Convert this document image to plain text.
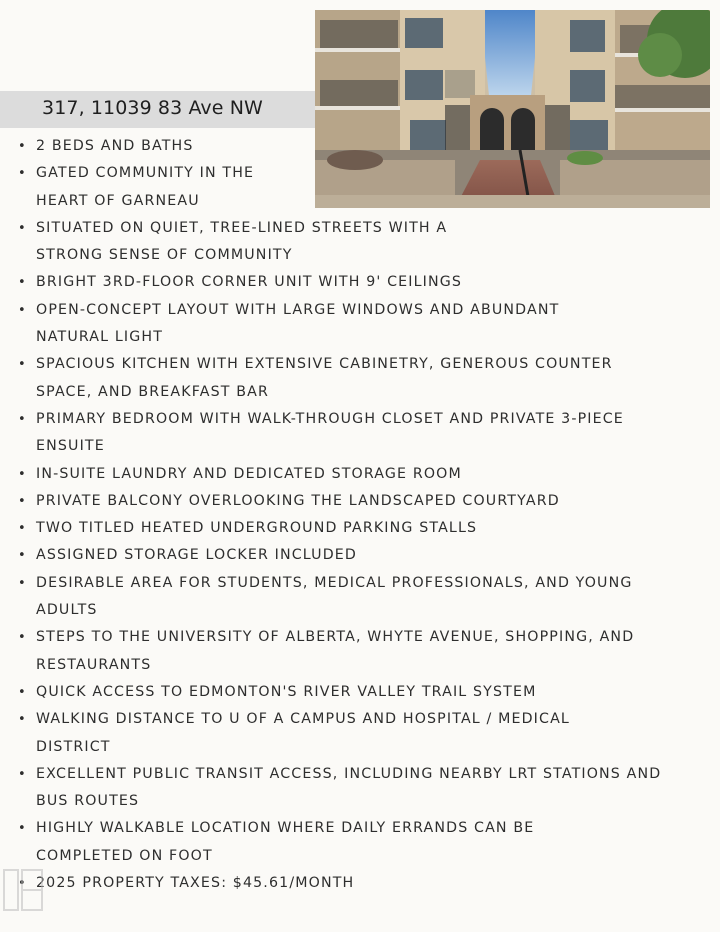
317, 11039 83 Ave NW
• 2 BEDS AND BATHS
• GATED COMMUNITY IN THE HEART OF GARNEAU
• SITUATED ON QUIET, TREE-LINED STREETS WITH A STRONG SENSE OF COMMUNITY
• BRIGHT 3RD-FLOOR CORNER UNIT WITH 9' CEILINGS
• OPEN-CONCEPT LAYOUT WITH LARGE WINDOWS AND ABUNDANT NATURAL LIGHT
• SPACIOUS KITCHEN WITH EXTENSIVE CABINETRY, GENEROUS COUNTER SPACE, AND BREAKFAST BAR
• PRIMARY BEDROOM WITH WALK-THROUGH CLOSET AND PRIVATE 3-PIECE ENSUITE
• IN-SUITE LAUNDRY AND DEDICATED STORAGE ROOM
• PRIVATE BALCONY OVERLOOKING THE LANDSCAPED COURTYARD
• TWO TITLED HEATED UNDERGROUND PARKING STALLS
• ASSIGNED STORAGE LOCKER INCLUDED
• DESIRABLE AREA FOR STUDENTS, MEDICAL PROFESSIONALS, AND YOUNG ADULTS
• STEPS TO THE UNIVERSITY OF ALBERTA, WHYTE AVENUE, SHOPPING, AND RESTAURANTS
• QUICK ACCESS TO EDMONTON'S RIVER VALLEY TRAIL SYSTEM
• WALKING DISTANCE TO U OF A CAMPUS AND HOSPITAL / MEDICAL DISTRICT
• EXCELLENT PUBLIC TRANSIT ACCESS, INCLUDING NEARBY LRT STATIONS AND BUS ROUTES
• HIGHLY WALKABLE LOCATION WHERE DAILY ERRANDS CAN BE COMPLETED ON FOOT
• 2025 PROPERTY TAXES: $45.61/MONTH
